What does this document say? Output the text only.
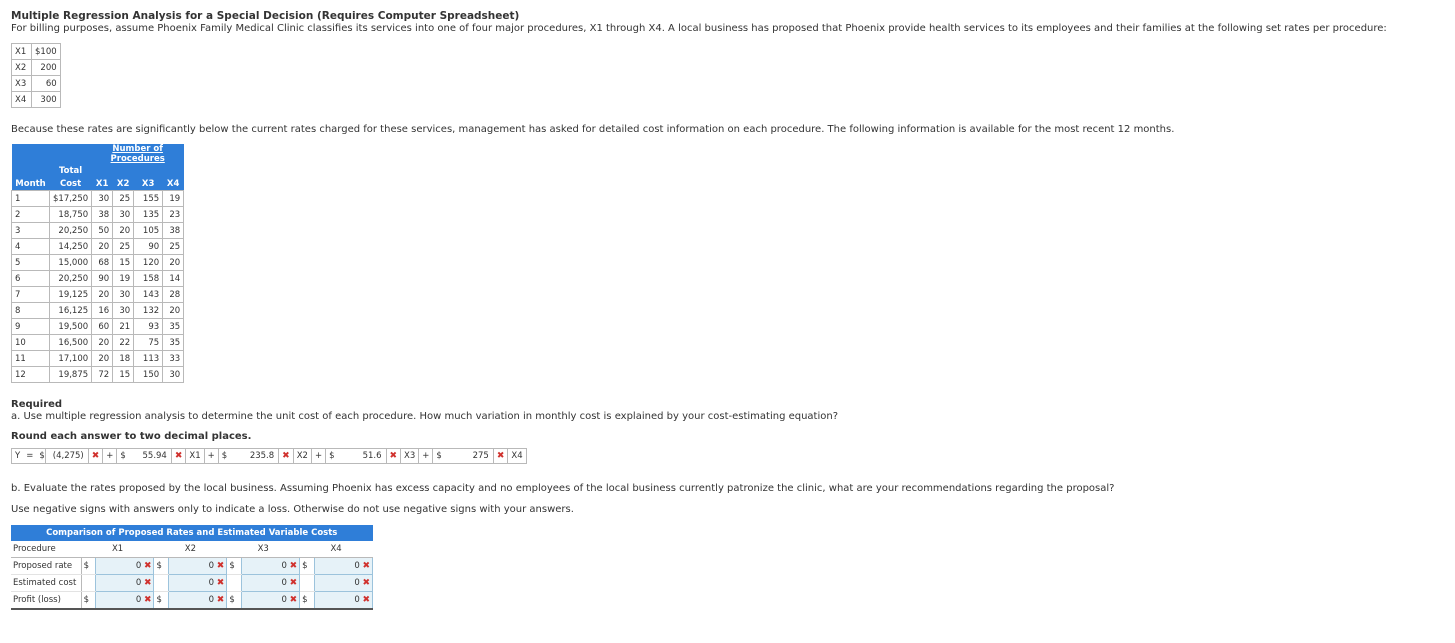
Multiple Regression Analysis for a Special Decision (Requires Computer Spreadsheet)
For billing purposes, assume Phoenix Family Medical Clinic classifies its services into one of four major procedures, X1 through X4. A local business has proposed that Phoenix provide health services to its employees and their families at the following set rates per procedure:
X1	$100
X2	200
X3	60
X4	300
Because these rates are significantly below the current rates charged for these services, management has asked for detailed cost information on each procedure. The following information is available for the most recent 12 months.
		Number of Procedures			
	Total				
Month	Cost	X1	X2	X3	X4
1	$17,250	30	25	155	19
2	18,750	38	30	135	23
3	20,250	50	20	105	38
4	14,250	20	25	90	25
5	15,000	68	15	120	20
6	20,250	90	19	158	14
7	19,125	20	30	143	28
8	16,125	16	30	132	20
9	19,500	60	21	93	35
10	16,500	20	22	75	35
11	17,100	20	18	113	33
12	19,875	72	15	150	30
Required
a. Use multiple regression analysis to determine the unit cost of each procedure. How much variation in monthly cost is explained by your cost-estimating equation?
Round each answer to two decimal places.
Y = $ (4,275) ✖ + $	55.94 ✖ X1 + $	235.8 ✖ X2 + $	51.6 ✖ X3 + $	275 ✖ X4
b. Evaluate the rates proposed by the local business. Assuming Phoenix has excess capacity and no employees of the local business currently patronize the clinic, what are your recommendations regarding the proposal?
Use negative signs with answers only to indicate a loss. Otherwise do not use negative signs with your answers.
Comparison of Proposed Rates and Estimated Variable Costs								
Procedure	X1		X2		X3		X4	
Proposed rate	$	0 ✖	$	0 ✖	$	0 ✖	$	0 ✖
Estimated cost		0 ✖		0 ✖		0 ✖		0 ✖
Profit (loss)	$	0 ✖	$	0 ✖	$	0 ✖	$	0 ✖
